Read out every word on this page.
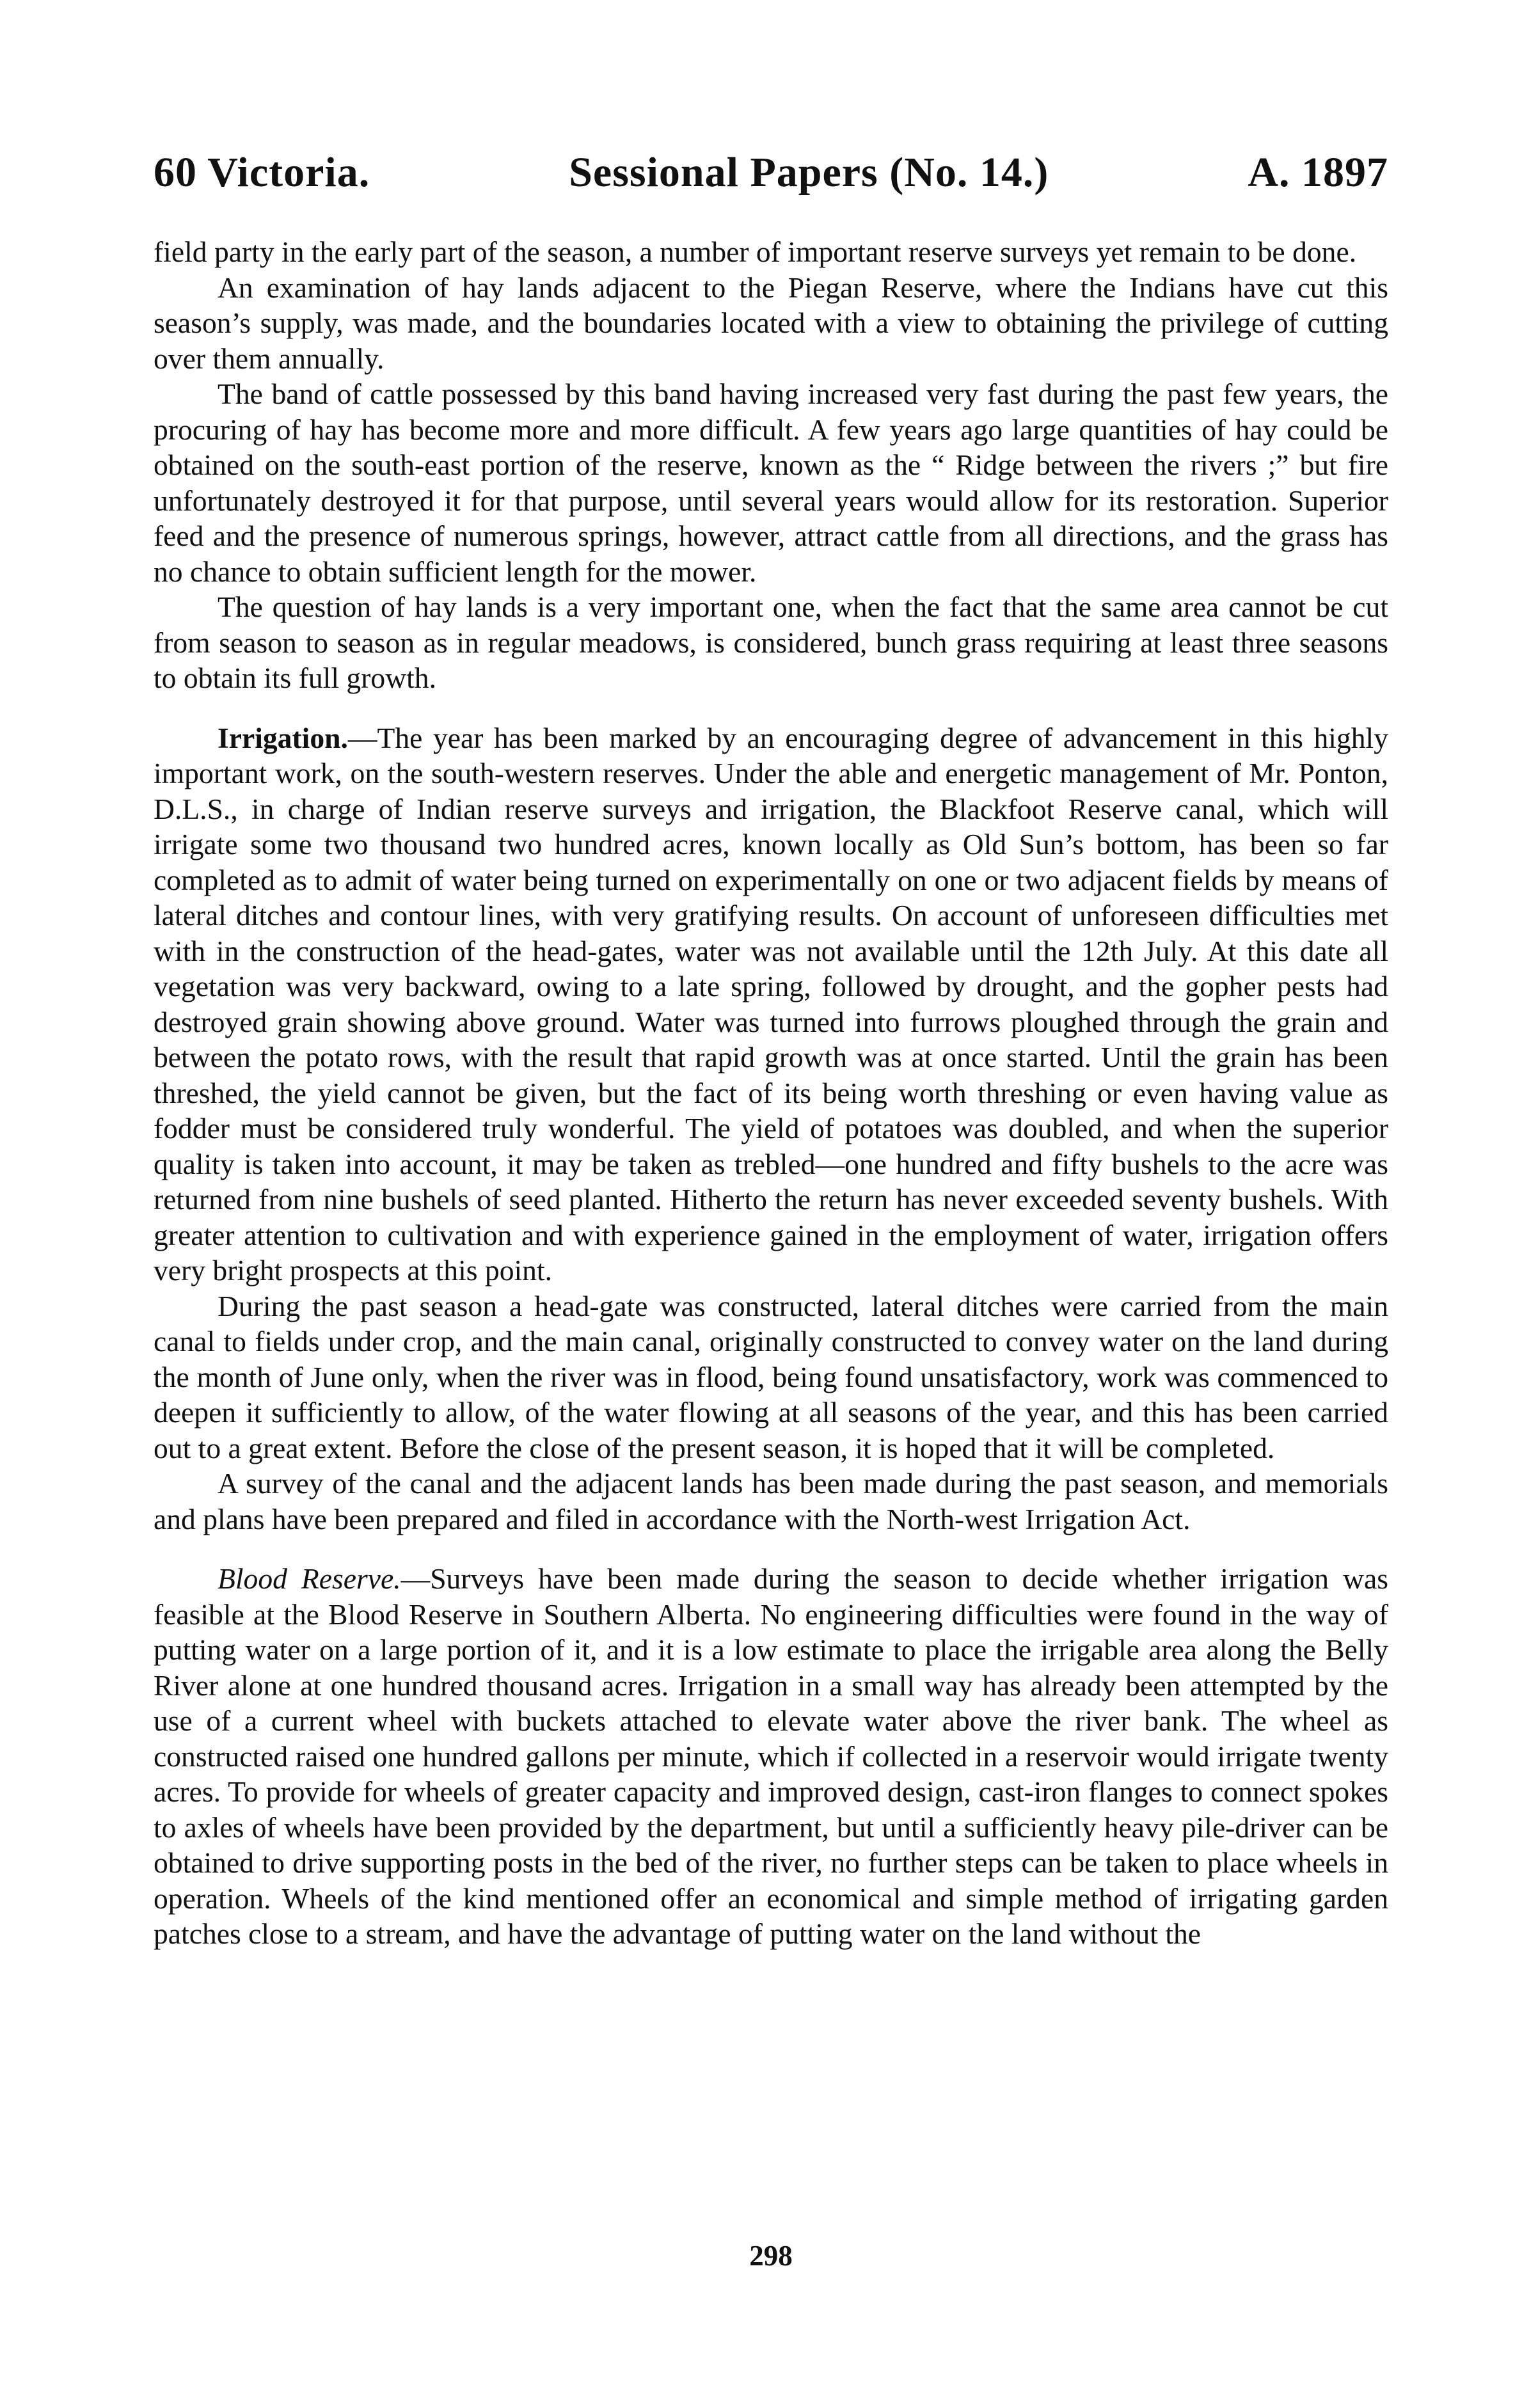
60 Victoria.	Sessional Papers (No. 14.)	A. 1897

field party in the early part of the season, a number of important reserve surveys yet remain to be done.

An examination of hay lands adjacent to the Piegan Reserve, where the Indians have cut this season’s supply, was made, and the boundaries located with a view to obtaining the privilege of cutting over them annually.

The band of cattle possessed by this band having increased very fast during the past few years, the procuring of hay has become more and more difficult. A few years ago large quantities of hay could be obtained on the south-east portion of the reserve, known as the “ Ridge between the rivers ;” but fire unfortunately destroyed it for that purpose, until several years would allow for its restoration. Superior feed and the presence of numerous springs, however, attract cattle from all directions, and the grass has no chance to obtain sufficient length for the mower.

The question of hay lands is a very important one, when the fact that the same area cannot be cut from season to season as in regular meadows, is considered, bunch grass requiring at least three seasons to obtain its full growth.

Irrigation.—The year has been marked by an encouraging degree of advancement in this highly important work, on the south-western reserves. Under the able and energetic management of Mr. Ponton, D.L.S., in charge of Indian reserve surveys and irrigation, the Blackfoot Reserve canal, which will irrigate some two thousand two hundred acres, known locally as Old Sun’s bottom, has been so far completed as to admit of water being turned on experimentally on one or two adjacent fields by means of lateral ditches and contour lines, with very gratifying results. On account of unforeseen difficulties met with in the construction of the head-gates, water was not available until the 12th July. At this date all vegetation was very backward, owing to a late spring, followed by drought, and the gopher pests had destroyed grain showing above ground. Water was turned into furrows ploughed through the grain and between the potato rows, with the result that rapid growth was at once started. Until the grain has been threshed, the yield cannot be given, but the fact of its being worth threshing or even having value as fodder must be considered truly wonderful. The yield of potatoes was doubled, and when the superior quality is taken into account, it may be taken as trebled—one hundred and fifty bushels to the acre was returned from nine bushels of seed planted. Hitherto the return has never exceeded seventy bushels. With greater attention to cultivation and with experience gained in the employment of water, irrigation offers very bright prospects at this point.

During the past season a head-gate was constructed, lateral ditches were carried from the main canal to fields under crop, and the main canal, originally constructed to convey water on the land during the month of June only, when the river was in flood, being found unsatisfactory, work was commenced to deepen it sufficiently to allow, of the water flowing at all seasons of the year, and this has been carried out to a great extent. Before the close of the present season, it is hoped that it will be completed.

A survey of the canal and the adjacent lands has been made during the past season, and memorials and plans have been prepared and filed in accordance with the North-west Irrigation Act.

Blood Reserve.—Surveys have been made during the season to decide whether irrigation was feasible at the Blood Reserve in Southern Alberta. No engineering difficulties were found in the way of putting water on a large portion of it, and it is a low estimate to place the irrigable area along the Belly River alone at one hundred thousand acres. Irrigation in a small way has already been attempted by the use of a current wheel with buckets attached to elevate water above the river bank. The wheel as constructed raised one hundred gallons per minute, which if collected in a reservoir would irrigate twenty acres. To provide for wheels of greater capacity and improved design, cast-iron flanges to connect spokes to axles of wheels have been provided by the department, but until a sufficiently heavy pile-driver can be obtained to drive supporting posts in the bed of the river, no further steps can be taken to place wheels in operation. Wheels of the kind mentioned offer an economical and simple method of irrigating garden patches close to a stream, and have the advantage of putting water on the land without the

298
